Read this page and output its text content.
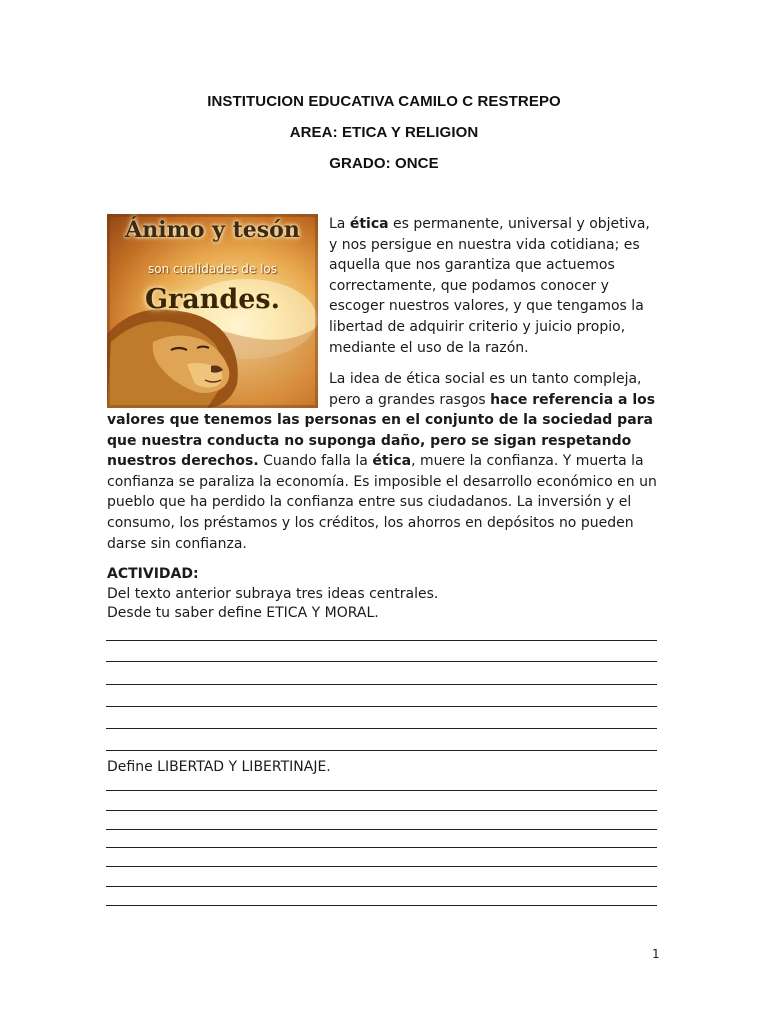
INSTITUCION EDUCATIVA CAMILO C RESTREPO
AREA: ETICA Y RELIGION
GRADO: ONCE
Ánimo y tesón
son cualidades de los
Grandes.
La ética es permanente, universal y objetiva, y nos persigue en nuestra vida cotidiana; es aquella que nos garantiza que actuemos correctamente, que podamos conocer y escoger nuestros valores, y que tengamos la libertad de adquirir criterio y juicio propio, mediante el uso de la razón.
La idea de ética social es un tanto compleja, pero a grandes rasgos hace referencia a los
valores que tenemos las personas en el conjunto de la sociedad para que nuestra conducta no suponga daño, pero se sigan respetando nuestros derechos. Cuando falla la ética, muere la confianza. Y muerta la confianza se paraliza la economía. Es imposible el desarrollo económico en un pueblo que ha perdido la confianza entre sus ciudadanos. La inversión y el consumo, los préstamos y los créditos, los ahorros en depósitos no pueden darse sin confianza.
ACTIVIDAD:
Del texto anterior subraya tres ideas centrales.
Desde tu saber define ETICA Y MORAL.
Define LIBERTAD Y LIBERTINAJE.
1
